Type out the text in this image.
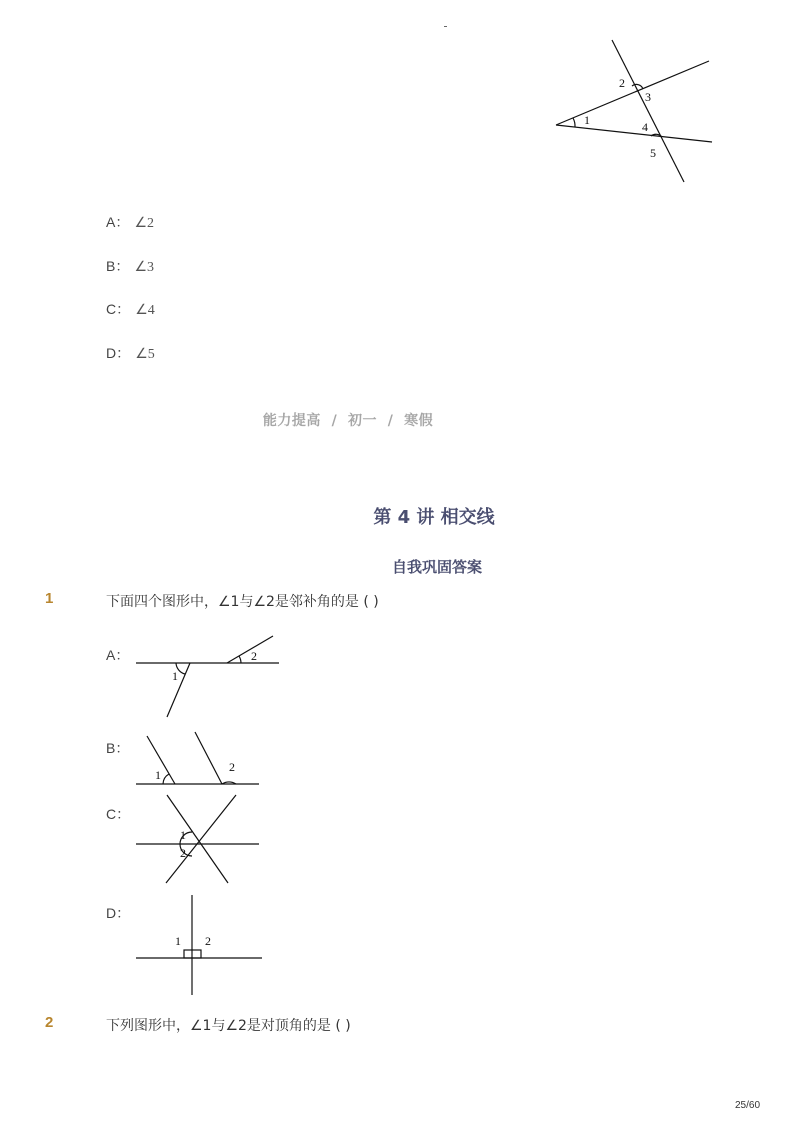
1
2
3
4
5
A： ∠2
B： ∠3
C： ∠4
D： ∠5
能力提高 / 初一 / 寒假
第 4 讲 相交线
自我巩固答案
1	下面四个图形中，∠1与∠2是邻补角的是 ( )
A：
1
2
B：
1
2
C：
1
2
D：
1 2
2	下列图形中，∠1与∠2是对顶角的是 ( )
25/60
